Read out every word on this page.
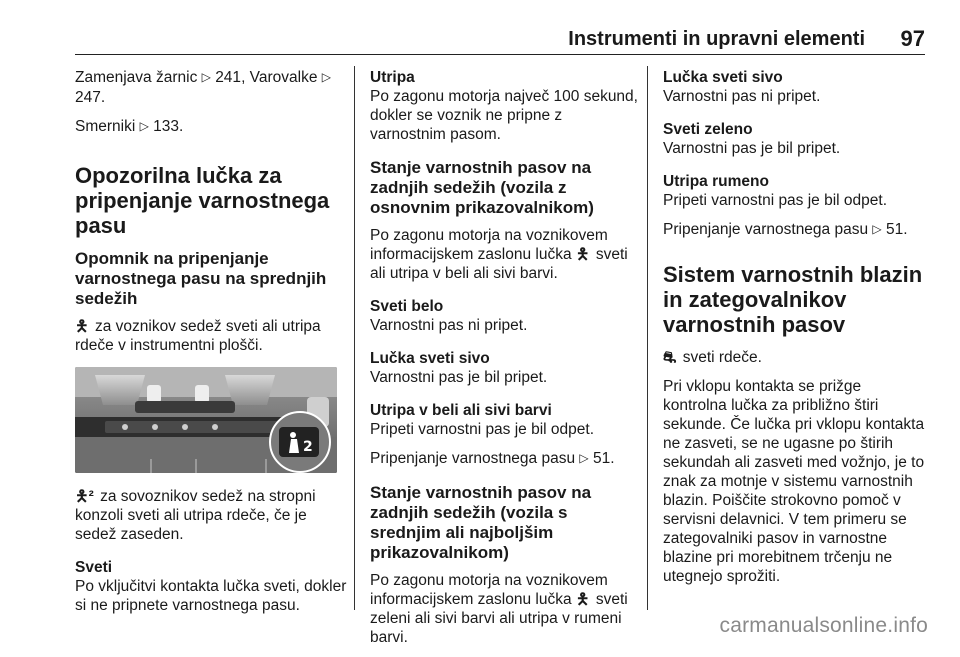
Instrumenti in upravni elementi 97

Zamenjava žarnic ▷ 241, Varovalke ▷ 247.

Smerniki ▷ 133.

Opozorilna lučka za pripenjanje varnostnega pasu
Opomnik na pripenjanje varnostnega pasu na sprednjih sedežih

🯅 za voznikov sedež sveti ali utripa rdeče v instrumentni plošči.

2

🯅² za sovoznikov sedež na stropni konzoli sveti ali utripa rdeče, če je sedež zaseden.

Sveti
Po vključitvi kontakta lučka sveti, dokler si ne pripnete varnostnega pasu.

Utripa
Po zagonu motorja največ 100 sekund, dokler se voznik ne pripne z varnostnim pasom.

Stanje varnostnih pasov na zadnjih sedežih (vozila z osnovnim prikazovalnikom)

Po zagonu motorja na voznikovem informacijskem zaslonu lučka 🯅 sveti ali utripa v beli ali sivi barvi.

Sveti belo
Varnostni pas ni pripet.

Lučka sveti sivo
Varnostni pas je bil pripet.

Utripa v beli ali sivi barvi
Pripeti varnostni pas je bil odpet.

Pripenjanje varnostnega pasu ▷ 51.

Stanje varnostnih pasov na zadnjih sedežih (vozila s srednjim ali najboljšim prikazovalnikom)

Po zagonu motorja na voznikovem informacijskem zaslonu lučka 🯅 sveti zeleni ali sivi barvi ali utripa v rumeni barvi.

Lučka sveti sivo
Varnostni pas ni pripet.

Sveti zeleno
Varnostni pas je bil pripet.

Utripa rumeno
Pripeti varnostni pas je bil odpet.

Pripenjanje varnostnega pasu ▷ 51.

Sistem varnostnih blazin in zategovalnikov varnostnih pasov

⛐ sveti rdeče.

Pri vklopu kontakta se prižge kontrolna lučka za približno štiri sekunde. Če lučka pri vklopu kontakta ne zasveti, se ne ugasne po štirih sekundah ali zasveti med vožnjo, je to znak za motnje v sistemu varnostnih blazin. Poiščite strokovno pomoč v servisni delavnici. V tem primeru se zategovalniki pasov in varnostne blazine pri morebitnem trčenju ne utegnejo sprožiti.

carmanualsonline.info
